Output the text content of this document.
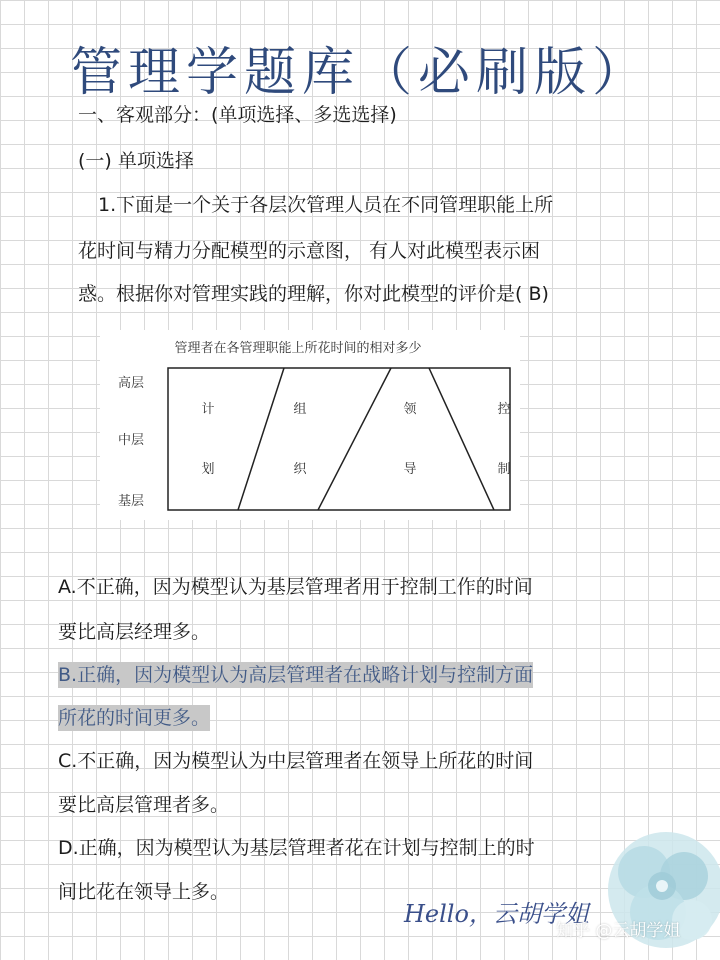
管理学题库（必刷版）
一、客观部分：(单项选择、多选选择)
(一) 单项选择
1.下面是一个关于各层次管理人员在不同管理职能上所
花时间与精力分配模型的示意图， 有人对此模型表示困
惑。根据你对管理实践的理解，你对此模型的评价是( B)
管理者在各管理职能上所花时间的相对多少
高层
中层
基层
计
划
组
织
领
导
控
制
A.不正确，因为模型认为基层管理者用于控制工作的时间
要比高层经理多。
B.正确，因为模型认为高层管理者在战略计划与控制方面
所花的时间更多。
C.不正确，因为模型认为中层管理者在领导上所花的时间
要比高层管理者多。
D.正确，因为模型认为基层管理者花在计划与控制上的时
间比花在领导上多。
Hello，云胡学姐
知乎 @云胡学姐
